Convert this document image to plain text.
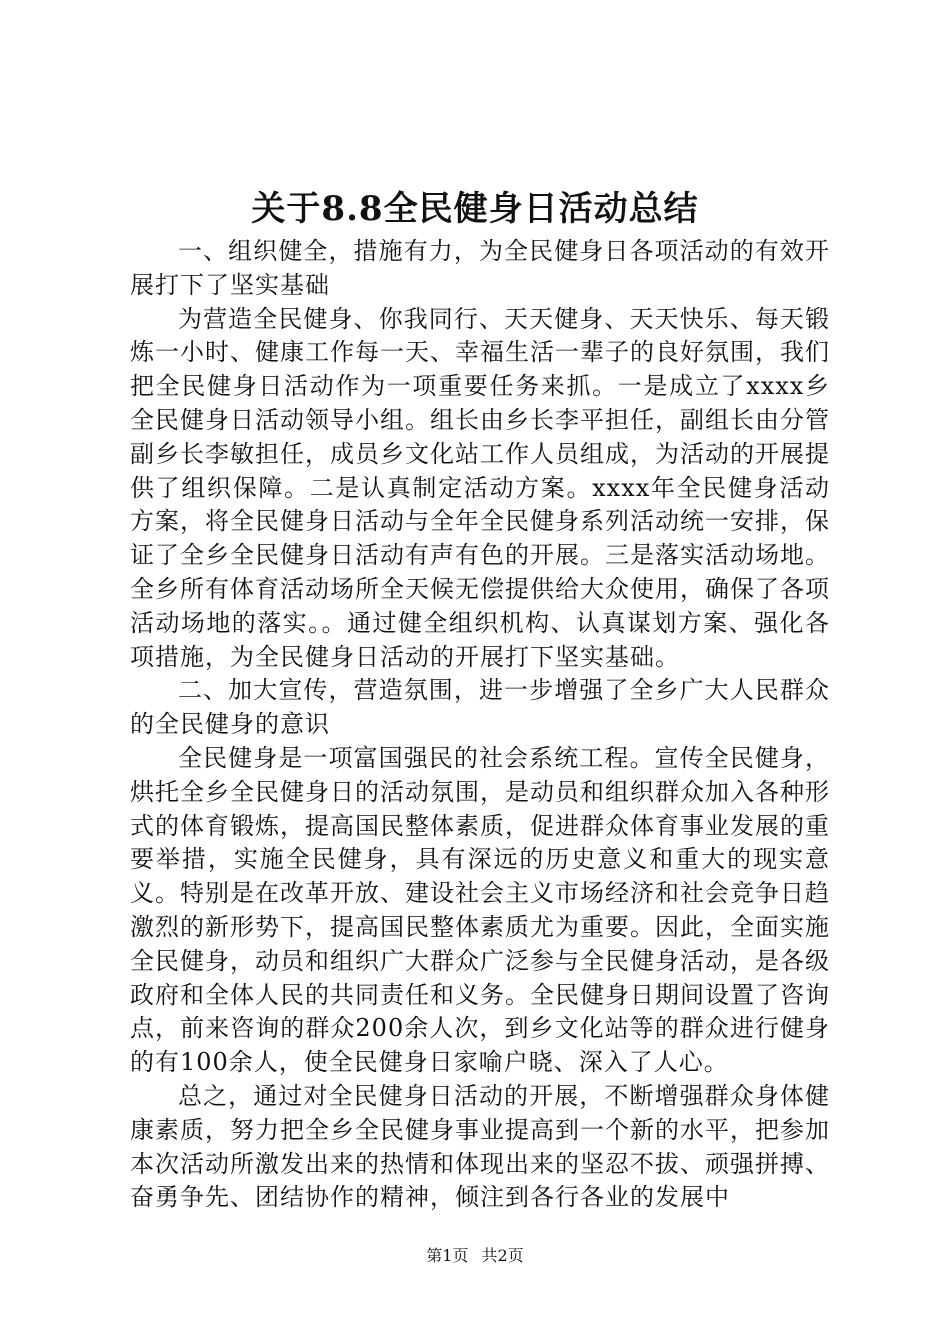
关于8.8全民健身日活动总结

一、组织健全，措施有力，为全民健身日各项活动的有效开展打下了坚实基础

为营造全民健身、你我同行、天天健身、天天快乐、每天锻炼一小时、健康工作每一天、幸福生活一辈子的良好氛围，我们把全民健身日活动作为一项重要任务来抓。一是成立了xxxx乡全民健身日活动领导小组。组长由乡长李平担任，副组长由分管副乡长李敏担任，成员乡文化站工作人员组成，为活动的开展提供了组织保障。二是认真制定活动方案。xxxx年全民健身活动方案，将全民健身日活动与全年全民健身系列活动统一安排，保证了全乡全民健身日活动有声有色的开展。三是落实活动场地。全乡所有体育活动场所全天候无偿提供给大众使用，确保了各项活动场地的落实。。通过健全组织机构、认真谋划方案、强化各项措施，为全民健身日活动的开展打下坚实基础。

二、加大宣传，营造氛围，进一步增强了全乡广大人民群众的全民健身的意识

全民健身是一项富国强民的社会系统工程。宣传全民健身，烘托全乡全民健身日的活动氛围，是动员和组织群众加入各种形式的体育锻炼，提高国民整体素质，促进群众体育事业发展的重要举措，实施全民健身，具有深远的历史意义和重大的现实意义。特别是在改革开放、建设社会主义市场经济和社会竞争日趋激烈的新形势下，提高国民整体素质尤为重要。因此，全面实施全民健身，动员和组织广大群众广泛参与全民健身活动，是各级政府和全体人民的共同责任和义务。全民健身日期间设置了咨询点，前来咨询的群众200余人次，到乡文化站等的群众进行健身的有100余人，使全民健身日家喻户晓、深入了人心。

总之，通过对全民健身日活动的开展，不断增强群众身体健康素质，努力把全乡全民健身事业提高到一个新的水平，把参加本次活动所激发出来的热情和体现出来的坚忍不拔、顽强拼搏、奋勇争先、团结协作的精神，倾注到各行各业的发展中

第1页 共2页
